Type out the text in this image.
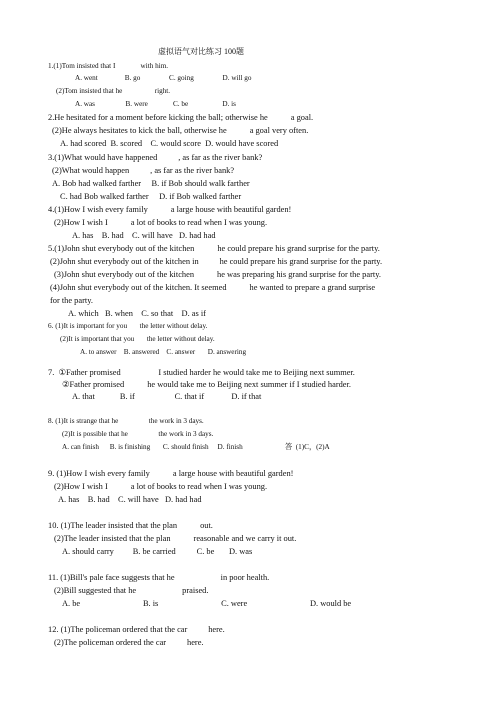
虚拟语气对比练习 100题
1.(1)Tom insisted that I              with him.
A. went               B. go                C. going                D. will go
(2)Tom insisted that he                  right.
A. was                 B. were              C. be                   D. is
2.He hesitated for a moment before kicking the ball; otherwise he           a goal.
(2)He always hesitates to kick the ball, otherwise he           a goal very often.
A. had scored  B. scored    C. would score  D. would have scored
3.(1)What would have happened          , as far as the river bank?
(2)What would happen          , as far as the river bank?
A. Bob had walked farther     B. if Bob should walk farther
C. had Bob walked farther     D. if Bob walked farther
4.(1)How I wish every family           a large house with beautiful garden!
(2)How I wish I           a lot of books to read when I was young.
A. has    B. had    C. will have   D. had had
5.(1)John shut everybody out of the kitchen           he could prepare his grand surprise for the party.
(2)John shut everybody out of the kitchen in          he could prepare his grand surprise for the party.
(3)John shut everybody out of the kitchen           he was preparing his grand surprise for the party.
(4)John shut everybody out of the kitchen. It seemed           he wanted to prepare a grand surprise
for the party.
A. which   B. when    C. so that    D. as if
6. (1)It is important for you       the letter without delay.
(2)It is important that you       the letter without delay.
A. to answer    B. answered    C. answer       D. answering
7.  ①Father promised                  I studied harder he would take me to Beijing next summer.
②Father promised           he would take me to Beijing next summer if I studied harder.
A. that            B. if                   C. that if             D. if that
8. (1)It is strange that he                 the work in 3 days.
(2)It is possible that he                 the work in 3 days.
A. can finish      B. is finishing       C. should finish     D. finish	答  (1)C，(2)A
9. (1)How I wish every family           a large house with beautiful garden!
(2)How I wish I           a lot of books to read when I was young.
A. has    B. had    C. will have   D. had had
10. (1)The leader insisted that the plan           out.
(2)The leader insisted that the plan           reasonable and we carry it out.
A. should carry         B. be carried          C. be       D. was
11. (1)Bill's pale face suggests that he                      in poor health.
(2)Bill suggested that he                      praised.
A. be                              B. is                              C. were                              D. would be
12. (1)The policeman ordered that the car          here.
(2)The policeman ordered the car          here.
